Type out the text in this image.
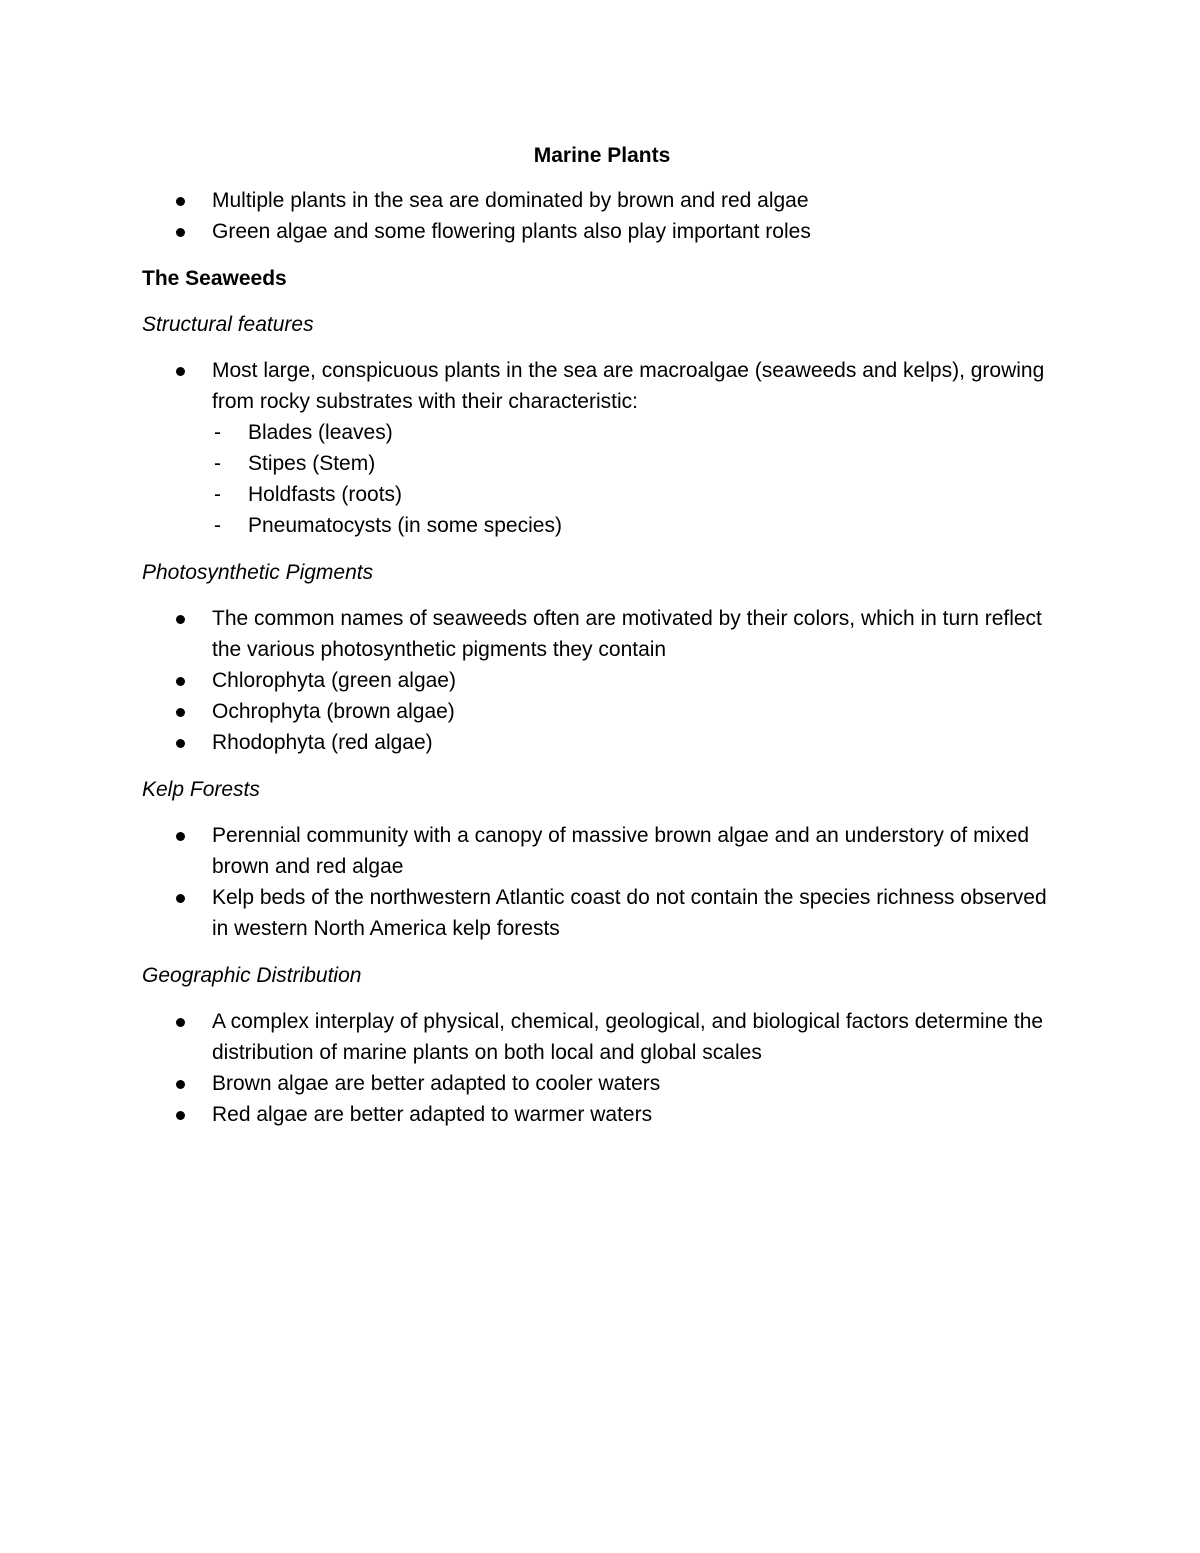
Marine Plants
Multiple plants in the sea are dominated by brown and red algae
Green algae and some flowering plants also play important roles
The Seaweeds
Structural features
Most large, conspicuous plants in the sea are macroalgae (seaweeds and kelps), growing from rocky substrates with their characteristic:
- Blades (leaves)
- Stipes (Stem)
- Holdfasts (roots)
- Pneumatocysts (in some species)
Photosynthetic Pigments
The common names of seaweeds often are motivated by their colors, which in turn reflect the various photosynthetic pigments they contain
Chlorophyta (green algae)
Ochrophyta (brown algae)
Rhodophyta (red algae)
Kelp Forests
Perennial community with a canopy of massive brown algae and an understory of mixed brown and red algae
Kelp beds of the northwestern Atlantic coast do not contain the species richness observed in western North America kelp forests
Geographic Distribution
A complex interplay of physical, chemical, geological, and biological factors determine the distribution of marine plants on both local and global scales
Brown algae are better adapted to cooler waters
Red algae are better adapted to warmer waters
